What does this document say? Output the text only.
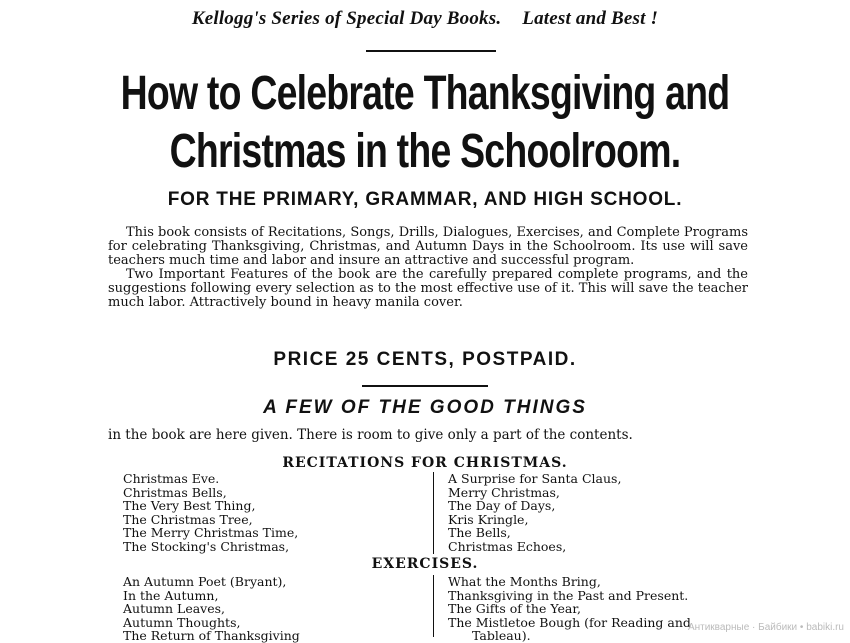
Kellogg's Series of Special Day Books. Latest and Best !
How to Celebrate Thanksgiving and
Christmas in the Schoolroom.
FOR THE PRIMARY, GRAMMAR, AND HIGH SCHOOL.

This book consists of Recitations, Songs, Drills, Dialogues, Exercises, and Complete Programs for celebrating Thanksgiving, Christmas, and Autumn Days in the Schoolroom. Its use will save teachers much time and labor and insure an attractive and successful program.

Two Important Features of the book are the carefully prepared complete programs, and the suggestions following every selection as to the most effective use of it. This will save the teacher much labor. Attractively bound in heavy manila cover.

PRICE 25 CENTS, POSTPAID.
A FEW OF THE GOOD THINGS
in the book are here given. There is room to give only a part of the contents.
RECITATIONS FOR CHRISTMAS.
Christmas Eve.
Christmas Bells,
The Very Best Thing,
The Christmas Tree,
The Merry Christmas Time,
The Stocking's Christmas,
A Surprise for Santa Claus,
Merry Christmas,
The Day of Days,
Kris Kringle,
The Bells,
Christmas Echoes,
EXERCISES.
An Autumn Poet (Bryant),
In the Autumn,
Autumn Leaves,
Autumn Thoughts,
The Return of Thanksgiving
What the Months Bring,
Thanksgiving in the Past and Present.
The Gifts of the Year,
The Mistletoe Bough (for Reading and
Tableau).
Антикварные · Байбики • babiki.ru
